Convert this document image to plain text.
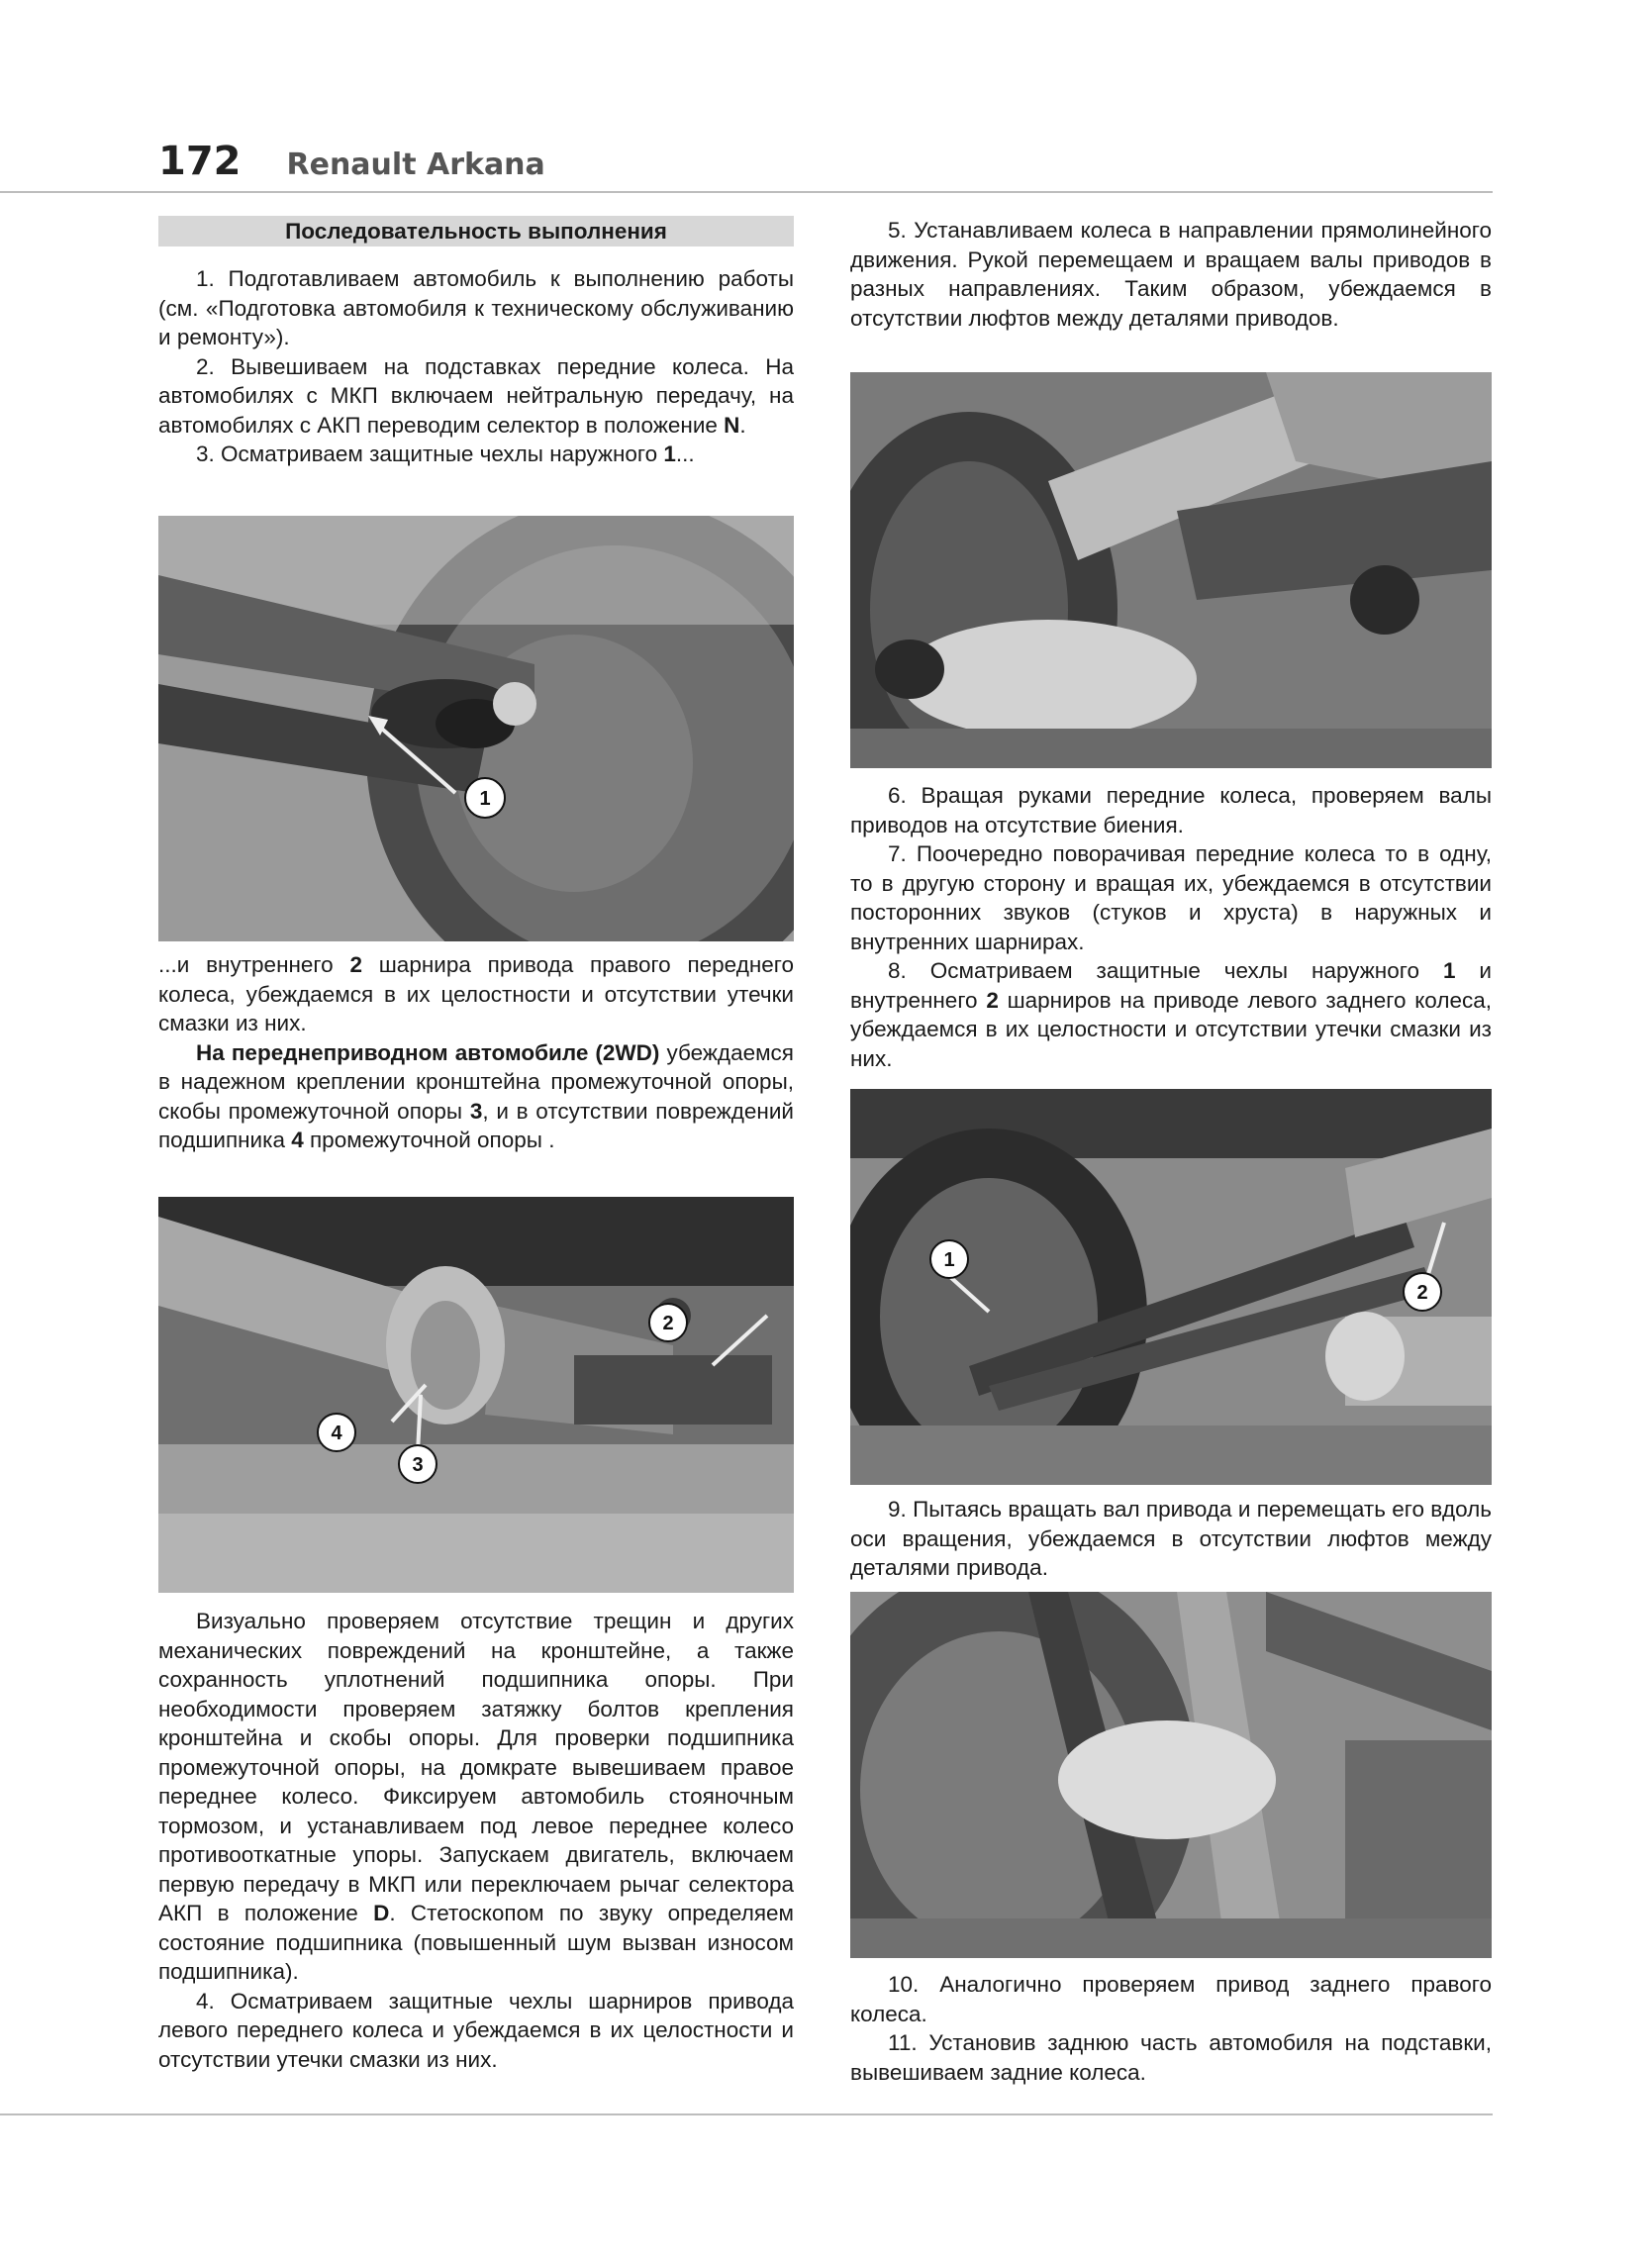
172 Renault Arkana
Последовательность выполнения

1. Подготавливаем автомобиль к выполнению работы (см. «Подготовка автомобиля к техническому обслуживанию и ремонту»).

2. Вывешиваем на подставках передние колеса. На автомобилях с МКП включаем нейтральную передачу, на автомобилях с АКП переводим селектор в положение N.

3. Осматриваем защитные чехлы наружного 1...

1

...и внутреннего 2 шарнира привода правого переднего колеса, убеждаемся в их целостности и отсутствии утечки смазки из них.

На переднеприводном автомобиле (2WD) убеждаемся в надежном креплении кронштейна промежуточной опоры, скобы промежуточной опоры 3, и в отсутствии повреждений подшипника 4 промежуточной опоры .

2
4
3

Визуально проверяем отсутствие трещин и других механических повреждений на кронштейне, а также сохранность уплотнений подшипника опоры. При необходимости проверяем затяжку болтов крепления кронштейна и скобы опоры. Для проверки подшипника промежуточной опоры, на домкрате вывешиваем правое переднее колесо. Фиксируем автомобиль стояночным тормозом, и устанавливаем под левое переднее колесо противооткатные упоры. Запускаем двигатель, включаем первую передачу в МКП или переключаем рычаг селектора АКП в положение D. Стетоскопом по звуку определяем состояние подшипника (повышенный шум вызван износом подшипника).

4. Осматриваем защитные чехлы шарниров привода левого переднего колеса и убеждаемся в их целостности и отсутствии утечки смазки из них.

5. Устанавливаем колеса в направлении прямолинейного движения. Рукой перемещаем и вращаем валы приводов в разных направлениях. Таким образом, убеждаемся в отсутствии люфтов между деталями приводов.

6. Вращая руками передние колеса, проверяем валы приводов на отсутствие биения.

7. Поочередно поворачивая передние колеса то в одну, то в другую сторону и вращая их, убеждаемся в отсутствии посторонних звуков (стуков и хруста) в наружных и внутренних шарнирах.

8. Осматриваем защитные чехлы наружного 1 и внутреннего 2 шарниров на приводе левого заднего колеса, убеждаемся в их целостности и отсутствии утечки смазки из них.

1
2

9. Пытаясь вращать вал привода и перемещать его вдоль оси вращения, убеждаемся в отсутствии люфтов между деталями привода.

10. Аналогично проверяем привод заднего правого колеса.

11. Установив заднюю часть автомобиля на подставки, вывешиваем задние колеса.
